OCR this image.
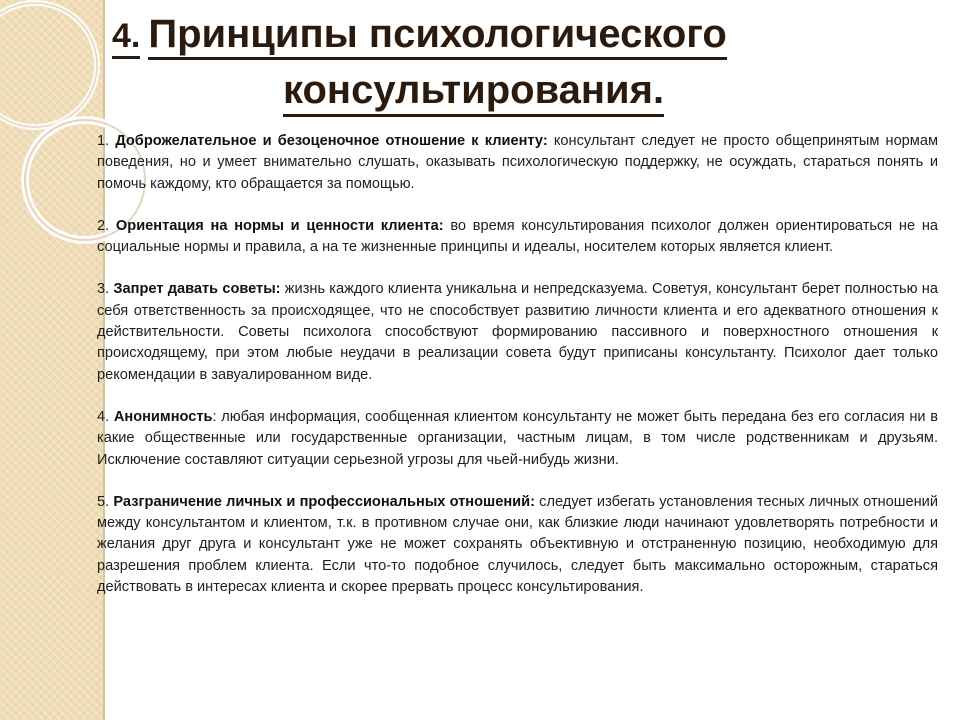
4. Принципы психологического
консультирования.

1. Доброжелательное и безоценочное отношение к клиенту: консультант следует не просто общепринятым нормам поведения, но и умеет внимательно слушать, оказывать психологическую поддержку, не осуждать, стараться понять и помочь каждому, кто обращается за помощью.

2. Ориентация на нормы и ценности клиента: во время консультирования психолог должен ориентироваться не на социальные нормы и правила, а на те жизненные принципы и идеалы, носителем которых является клиент.

3. Запрет давать советы: жизнь каждого клиента уникальна и непредсказуема. Советуя, консультант берет полностью на себя ответственность за происходящее, что не способствует развитию личности клиента и его адекватного отношения к действительности. Советы психолога способствуют формированию пассивного и поверхностного отношения к происходящему, при этом любые неудачи в реализации совета будут приписаны консультанту. Психолог дает только рекомендации в завуалированном виде.

4. Анонимность: любая информация, сообщенная клиентом консультанту не может быть передана без его согласия ни в какие общественные или государственные организации, частным лицам, в том числе родственникам и друзьям. Исключение составляют ситуации серьезной угрозы для чьей-нибудь жизни.

5. Разграничение личных и профессиональных отношений: следует избегать установления тесных личных отношений между консультантом и клиентом, т.к. в противном случае они, как близкие люди начинают удовлетворять потребности и желания друг друга и консультант уже не может сохранять объективную и отстраненную позицию, необходимую для разрешения проблем клиента. Если что-то подобное случилось, следует быть максимально осторожным, стараться действовать в интересах клиента и скорее прервать процесс консультирования.
